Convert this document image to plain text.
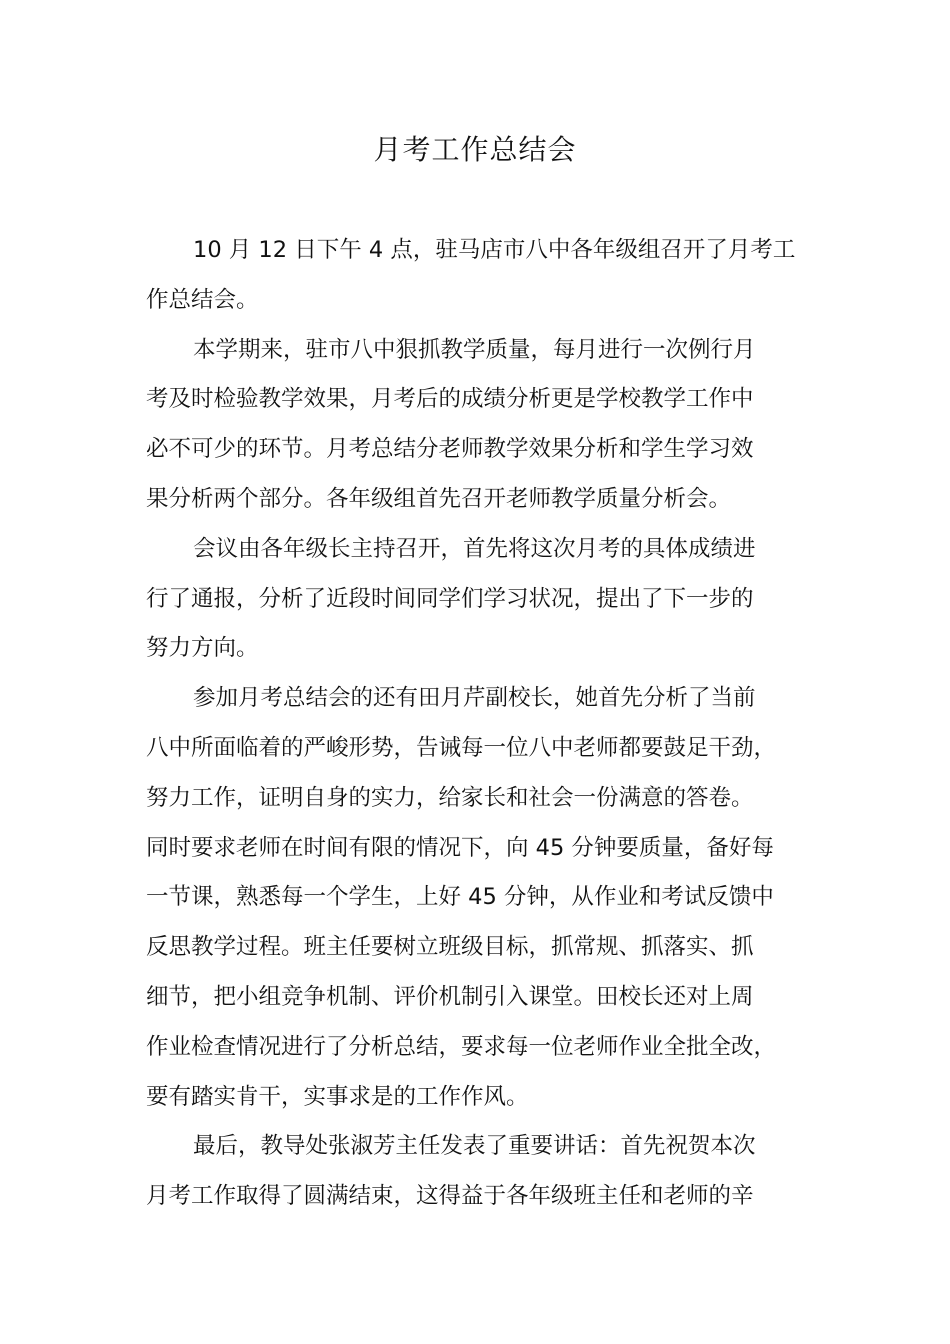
月考工作总结会
10 月 12 日下午 4 点，驻马店市八中各年级组召开了月考工
作总结会。
本学期来，驻市八中狠抓教学质量，每月进行一次例行月
考及时检验教学效果，月考后的成绩分析更是学校教学工作中
必不可少的环节。月考总结分老师教学效果分析和学生学习效
果分析两个部分。各年级组首先召开老师教学质量分析会。
会议由各年级长主持召开，首先将这次月考的具体成绩进
行了通报，分析了近段时间同学们学习状况，提出了下一步的
努力方向。
参加月考总结会的还有田月芹副校长，她首先分析了当前
八中所面临着的严峻形势，告诫每一位八中老师都要鼓足干劲，
努力工作，证明自身的实力，给家长和社会一份满意的答卷。
同时要求老师在时间有限的情况下，向 45 分钟要质量，备好每
一节课，熟悉每一个学生，上好 45 分钟，从作业和考试反馈中
反思教学过程。班主任要树立班级目标，抓常规、抓落实、抓
细节，把小组竞争机制、评价机制引入课堂。田校长还对上周
作业检查情况进行了分析总结，要求每一位老师作业全批全改，
要有踏实肯干，实事求是的工作作风。
最后，教导处张淑芳主任发表了重要讲话：首先祝贺本次
月考工作取得了圆满结束，这得益于各年级班主任和老师的辛
